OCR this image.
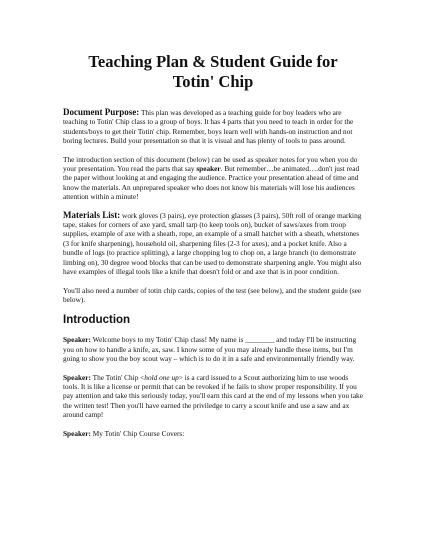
Teaching Plan & Student Guide for
Totin' Chip

Document Purpose: This plan was developed as a teaching guide for boy leaders who are teaching to Totin' Chip class to a group of boys. It has 4 parts that you need to teach in order for the students/boys to get their Totin' chip. Remember, boys learn well with hands-on instruction and not boring lectures. Build your presentation so that it is visual and has plenty of tools to pass around.

The introduction section of this document (below) can be used as speaker notes for you when you do your presentation. You read the parts that say speaker. But remember…be animated….don't just read the paper without looking at and engaging the audience. Practice your presentation ahead of time and know the materials. An unprepared speaker who does not know his materials will lose his audiences attention within a minute!

Materials List: work gloves (3 pairs), eye protection glasses (3 pairs), 50ft roll of orange marking tape, stakes for corners of axe yard, small tarp (to keep tools on), bucket of saws/axes from troop supplies, example of axe with a sheath, rope, an example of a small hatchet with a sheath, whetstones (3 for knife sharpening), household oil, sharpening files (2-3 for axes), and a pocket knife. Also a bundle of logs (to practice splitting), a large chopping log to chop on, a large branch (to demonstrate limbing on), 30 degree wood blocks that can be used to demonstrate sharpening angle. You might also have examples of illegal tools like a knife that doesn't fold or and axe that is in poor condition.

You'll also need a number of totin chip cards, copies of the test (see below), and the student guide (see below).

Introduction

Speaker: Welcome boys to my Totin' Chip class! My name is ________ and today I'll be instructing you on how to handle a knife, ax, saw. I know some of you may already handle these items, but I'm going to show you the boy scout way – which is to do it in a safe and environmentally friendly way.

Speaker: The Totin' Chip <hold one up> is a card issued to a Scout authorizing him to use woods tools. It is like a license or permit that can be revoked if he fails to show proper responsibility. If you pay attention and take this seriously today, you'll earn this card at the end of my lessons when you take the written test! Then you'll have earned the priviledge to carry a scout knife and use a saw and ax around camp!

Speaker: My Totin' Chip Course Covers:
